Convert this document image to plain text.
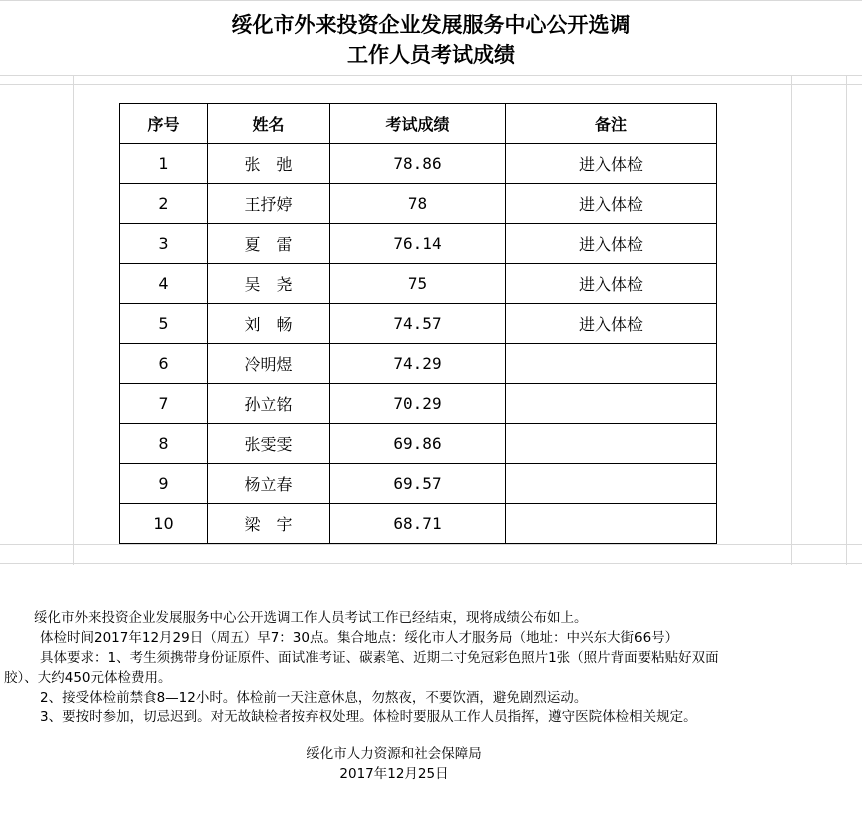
绥化市外来投资企业发展服务中心公开选调
工作人员考试成绩
序号	姓名	考试成绩	备注
1	张　弛	78.86	进入体检
2	王抒婷	78	进入体检
3	夏　雷	76.14	进入体检
4	吴　尧	75	进入体检
5	刘　畅	74.57	进入体检
6	冷明煜	74.29	
7	孙立铭	70.29	
8	张雯雯	69.86	
9	杨立春	69.57	
10	梁　宇	68.71	
绥化市外来投资企业发展服务中心公开选调工作人员考试工作已经结束，现将成绩公布如上。
体检时间2017年12月29日（周五）早7：30点。集合地点：绥化市人才服务局（地址：中兴东大街66号）
具体要求：1、考生须携带身份证原件、面试准考证、碳素笔、近期二寸免冠彩色照片1张（照片背面要粘贴好双面
胶）、大约450元体检费用。
2、接受体检前禁食8—12小时。体检前一天注意休息，勿熬夜，不要饮酒，避免剧烈运动。
3、要按时参加，切忌迟到。对无故缺检者按弃权处理。体检时要服从工作人员指挥，遵守医院体检相关规定。
绥化市人力资源和社会保障局
2017年12月25日
